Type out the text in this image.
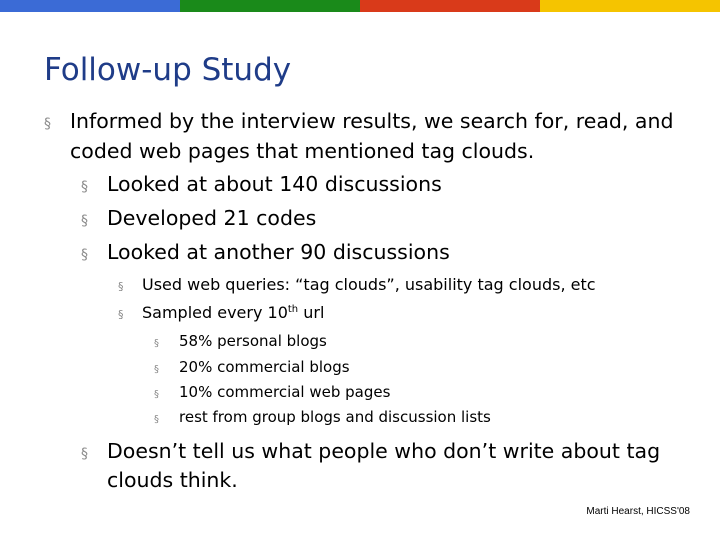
Follow-up Study

§ Informed by the interview results, we search for, read, and

coded web pages that mentioned tag clouds.

§ Looked at about 140 discussions

§ Developed 21 codes

§ Looked at another 90 discussions

§ Used web queries: “tag clouds”, usability tag clouds, etc

§ Sampled every 10th url

§ 58% personal blogs

§ 20% commercial blogs

§ 10% commercial web pages

§ rest from group blogs and discussion lists

§ Doesn’t tell us what people who don’t write about tag

clouds think.

Marti Hearst, HICSS'08
